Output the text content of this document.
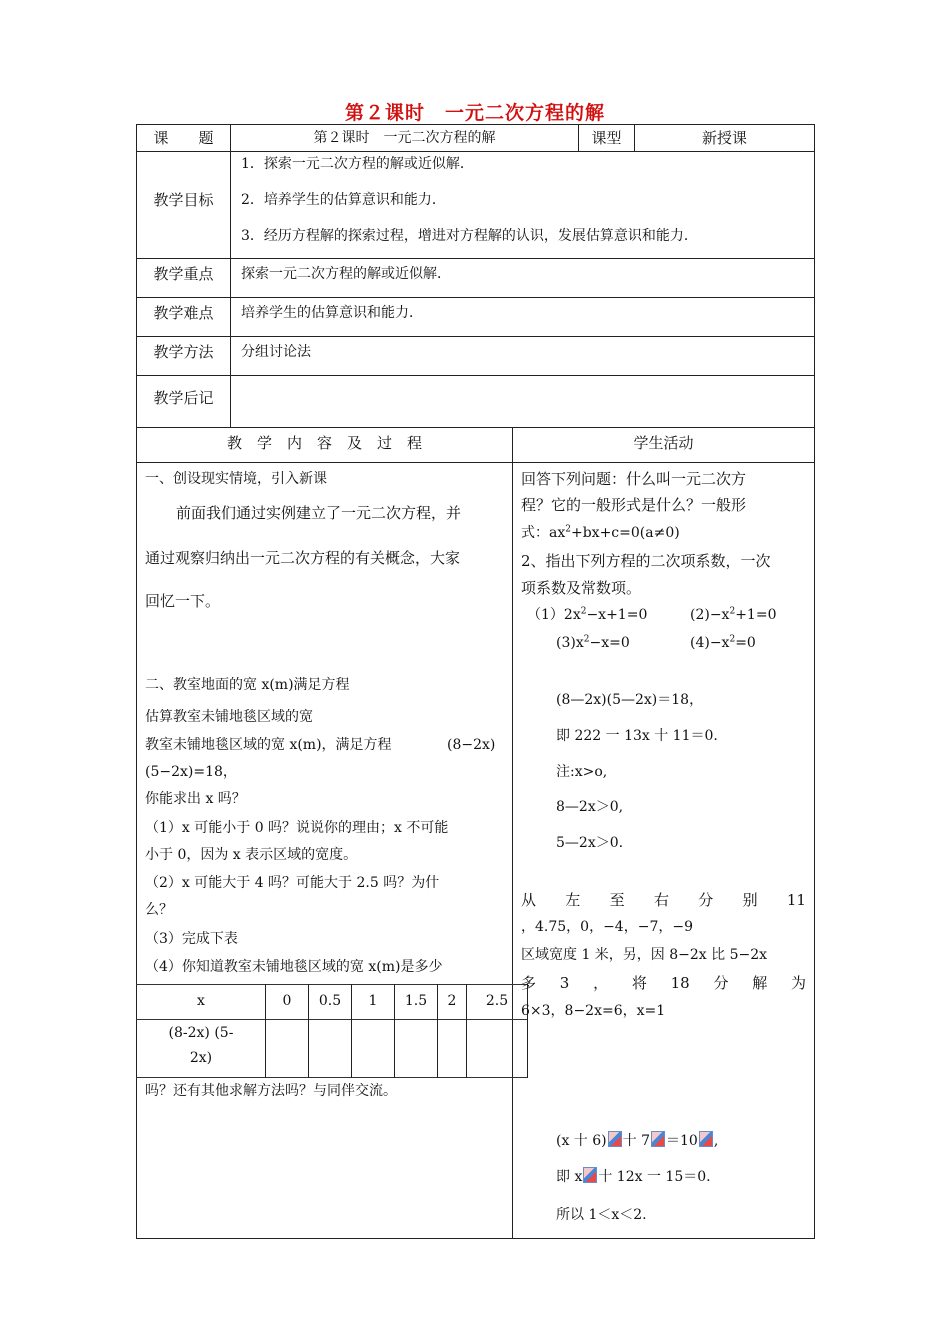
第２课时　一元二次方程的解
课　　题	第２课时　一元二次方程的解	课型	新授课
教学目标
1．探索一元二次方程的解或近似解．
2．培养学生的估算意识和能力．
3．经历方程解的探索过程，增进对方程解的认识，发展估算意识和能力．
教学重点	探索一元二次方程的解或近似解．
教学难点	培养学生的估算意识和能力．
教学方法	分组讨论法
教学后记
教　学　内　容　及　过　程	学生活动
一、创设现实情境，引入新课
前面我们通过实例建立了一元二次方程，并
通过观察归纳出一元二次方程的有关概念，大家
回忆一下。
二、教室地面的宽 x(m)满足方程
估算教室未铺地毯区域的宽
教室未铺地毯区域的宽 x(m)，满足方程	(8−2x)
(5−2x)=18，
你能求出 x 吗？
（1）x 可能小于 0 吗？说说你的理由；x 不可能
小于 0，因为 x 表示区域的宽度。
（2）x 可能大于 4 吗？可能大于 2.5 吗？为什
么？
（3）完成下表
（4）你知道教室未铺地毯区域的宽 x(m)是多少
x	0	0.5	1	1.5	2	2.5
(8-2x) (5-
2x)
吗？还有其他求解方法吗？与同伴交流。
回答下列问题：什么叫一元二次方
程？它的一般形式是什么？一般形
式：$ax^2+bx+c=0(a\ne 0)$
2、指出下列方程的二次项系数，一次
项系数及常数项。
$(1)2x^2-x+1=0$	$(2)-x^2+1=0$
$(3)x^2-x=0$	$(4)-x^2=0$
(8—2x)(5—2x)＝18，
即 222 一 13x 十 11＝0.
注:x>o,
8—2x＞0,
5—2x＞0.
从 左 至 右 分 别 11
，4.75，0，−4，−7，−9
区域宽度 1 米，另，因 8−2x 比 5−2x
多 3 ， 将 18 分 解 为
6×3，8−2x=6，x=1
(x 十 6) 十 7 ＝10 ,
即 x 十 12x 一 15＝0.
所以 1＜x＜2.
